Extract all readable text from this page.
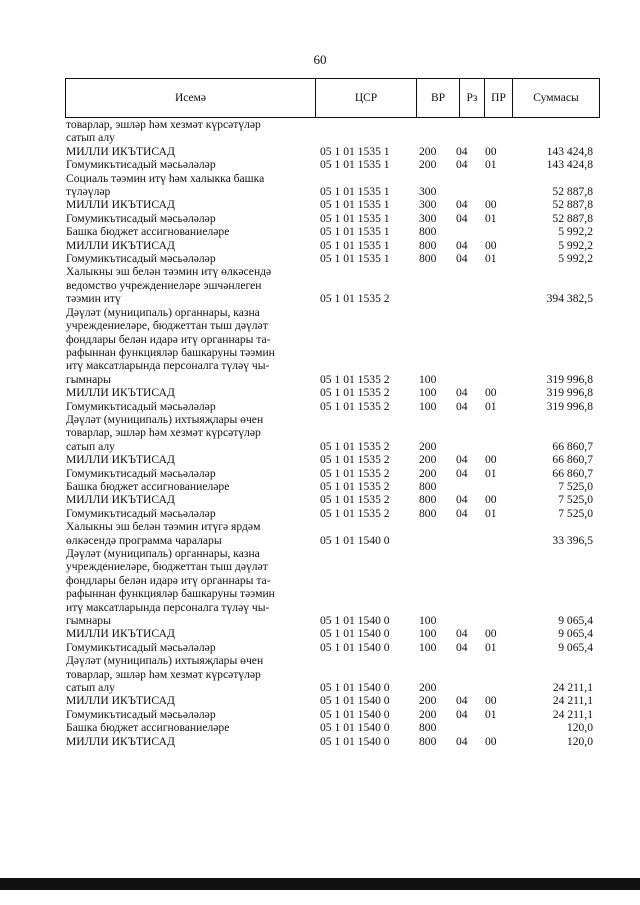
60
Исемә	ЦСР	ВР	Рз	ПР	Суммасы
товарлар, эшләр һәм хезмәт күрсәтүләр
сатып алу
МИЛЛИ ИКЪТИСАД	05 1 01 1535 1	200 04 00	143 424,8
Гомумикътисадый мәсьәләләр	05 1 01 1535 1	200 04 01	143 424,8
Социаль тәэмин итү һәм халыкка башка
түләүләр	05 1 01 1535 1	300	52 887,8
МИЛЛИ ИКЪТИСАД	05 1 01 1535 1	300 04 00	52 887,8
Гомумикътисадый мәсьәләләр	05 1 01 1535 1	300 04 01	52 887,8
Башка бюджет ассигнованиеләре	05 1 01 1535 1	800	5 992,2
МИЛЛИ ИКЪТИСАД	05 1 01 1535 1	800 04 00	5 992,2
Гомумикътисадый мәсьәләләр	05 1 01 1535 1	800 04 01	5 992,2
Халыкны эш белән тәэмин итү өлкәсендә
ведомство учреждениеләре эшчәнлеген
тәэмин итү	05 1 01 1535 2	394 382,5
Дәүләт (муниципаль) органнары, казна
учреждениеләре, бюджеттан тыш дәүләт
фондлары белән идарә итү органнары та-
рафыннан функцияләр башкаруны тәэмин
итү максатларында персоналга түләү чы-
гымнары	05 1 01 1535 2	100	319 996,8
МИЛЛИ ИКЪТИСАД	05 1 01 1535 2	100 04 00	319 996,8
Гомумикътисадый мәсьәләләр	05 1 01 1535 2	100 04 01	319 996,8
Дәүләт (муниципаль) ихтыяҗлары өчен
товарлар, эшләр һәм хезмәт күрсәтүләр
сатып алу	05 1 01 1535 2	200	66 860,7
МИЛЛИ ИКЪТИСАД	05 1 01 1535 2	200 04 00	66 860,7
Гомумикътисадый мәсьәләләр	05 1 01 1535 2	200 04 01	66 860,7
Башка бюджет ассигнованиеләре	05 1 01 1535 2	800	7 525,0
МИЛЛИ ИКЪТИСАД	05 1 01 1535 2	800 04 00	7 525,0
Гомумикътисадый мәсьәләләр	05 1 01 1535 2	800 04 01	7 525,0
Халыкны эш белән тәэмин итүгә ярдәм
өлкәсендә программа чаралары	05 1 01 1540 0	33 396,5
Дәүләт (муниципаль) органнары, казна
учреждениеләре, бюджеттан тыш дәүләт
фондлары белән идарә итү органнары та-
рафыннан функцияләр башкаруны тәэмин
итү максатларында персоналга түләү чы-
гымнары	05 1 01 1540 0	100	9 065,4
МИЛЛИ ИКЪТИСАД	05 1 01 1540 0	100 04 00	9 065,4
Гомумикътисадый мәсьәләләр	05 1 01 1540 0	100 04 01	9 065,4
Дәүләт (муниципаль) ихтыяҗлары өчен
товарлар, эшләр һәм хезмәт күрсәтүләр
сатып алу	05 1 01 1540 0	200	24 211,1
МИЛЛИ ИКЪТИСАД	05 1 01 1540 0	200 04 00	24 211,1
Гомумикътисадый мәсьәләләр	05 1 01 1540 0	200 04 01	24 211,1
Башка бюджет ассигнованиеләре	05 1 01 1540 0	800	120,0
МИЛЛИ ИКЪТИСАД	05 1 01 1540 0	800 04 00	120,0
